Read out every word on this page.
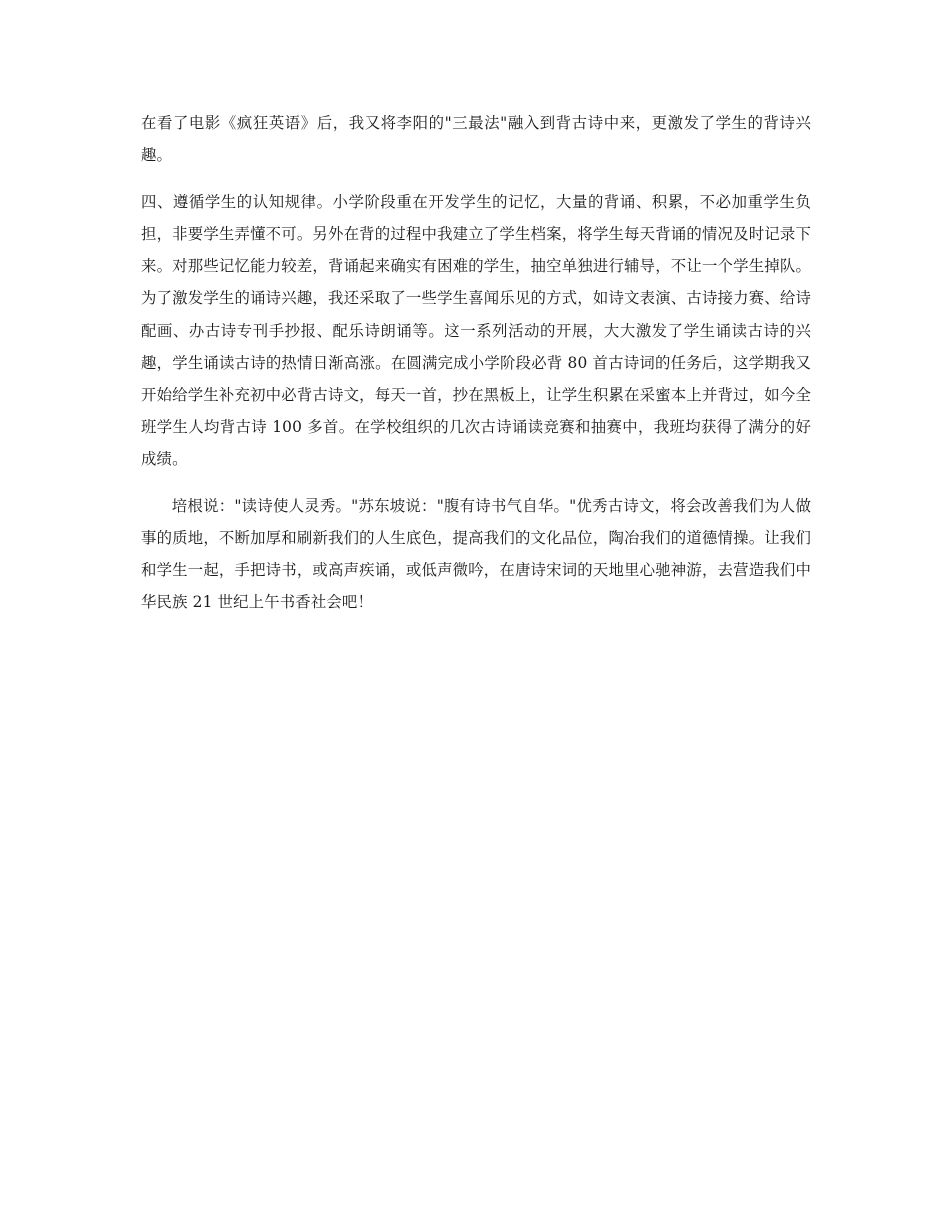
在看了电影《疯狂英语》后，我又将李阳的"三最法"融入到背古诗中来，更激发了学生的背诗兴趣。

四、遵循学生的认知规律。小学阶段重在开发学生的记忆，大量的背诵、积累，不必加重学生负担，非要学生弄懂不可。另外在背的过程中我建立了学生档案，将学生每天背诵的情况及时记录下来。对那些记忆能力较差，背诵起来确实有困难的学生，抽空单独进行辅导，不让一个学生掉队。为了激发学生的诵诗兴趣，我还采取了一些学生喜闻乐见的方式，如诗文表演、古诗接力赛、给诗配画、办古诗专刊手抄报、配乐诗朗诵等。这一系列活动的开展，大大激发了学生诵读古诗的兴趣，学生诵读古诗的热情日渐高涨。在圆满完成小学阶段必背 80 首古诗词的任务后，这学期我又开始给学生补充初中必背古诗文，每天一首，抄在黑板上，让学生积累在采蜜本上并背过，如今全班学生人均背古诗 100 多首。在学校组织的几次古诗诵读竞赛和抽赛中，我班均获得了满分的好成绩。

培根说："读诗使人灵秀。"苏东坡说："腹有诗书气自华。"优秀古诗文，将会改善我们为人做事的质地，不断加厚和刷新我们的人生底色，提高我们的文化品位，陶冶我们的道德情操。让我们和学生一起，手把诗书，或高声疾诵，或低声微吟，在唐诗宋词的天地里心驰神游，去营造我们中华民族 21 世纪上午书香社会吧！
